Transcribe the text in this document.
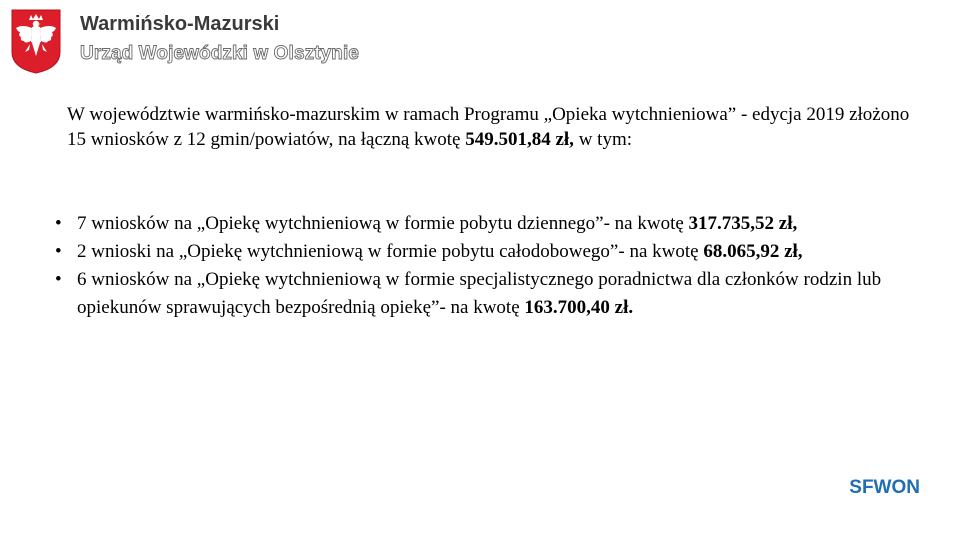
Warmińsko-Mazurski
Urząd Wojewódzki w Olsztynie
W województwie warmińsko-mazurskim w ramach Programu „Opieka wytchnieniowa” - edycja 2019 złożono 15 wniosków z 12 gmin/powiatów, na łączną kwotę 549.501,84 zł, w tym:
• 7 wniosków na „Opiekę wytchnieniową w formie pobytu dziennego”- na kwotę 317.735,52 zł,
• 2 wnioski na „Opiekę wytchnieniową w formie pobytu całodobowego”- na kwotę 68.065,92 zł,
• 6 wniosków na „Opiekę wytchnieniową w formie specjalistycznego poradnictwa dla członków rodzin lub opiekunów sprawujących bezpośrednią opiekę”- na kwotę 163.700,40 zł.
SFWON
